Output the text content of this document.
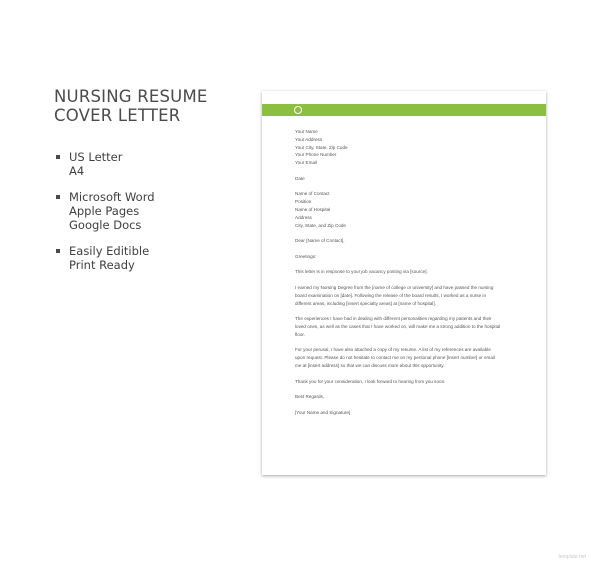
NURSING RESUME
COVER LETTER
US Letter
A4
Microsoft Word
Apple Pages
Google Docs
Easily Editible
Print Ready
Your Name
Your Address
Your City, State, Zip Code
Your Phone Number
Your Email
Date
Name of Contact
Position
Name of Hospital
Address
City, State, and Zip Code
Dear [Name of Contact],
Greetings:
This letter is in response to your job vacancy posting via [source].
I earned my Nursing Degree from the [name of college or university] and have passed the nursing
board examination on [date]. Following the release of the board results, I worked as a nurse in
different areas, including [insert specialty areas] at [name of hospital].
The experiences I have had in dealing with different personalities regarding my patients and their
loved ones, as well as the cases that I have worked on, will make me a strong addition to the hospital
floor.
For your perusal, I have also attached a copy of my resume. A list of my references are available
upon request. Please do not hesitate to contact me on my personal phone [insert number] or email
me at [insert address] so that we can discuss more about this opportunity.
Thank you for your consideration, I look forward to hearing from you soon.
Best Regards,
[Your Name and Signature]
template.net
